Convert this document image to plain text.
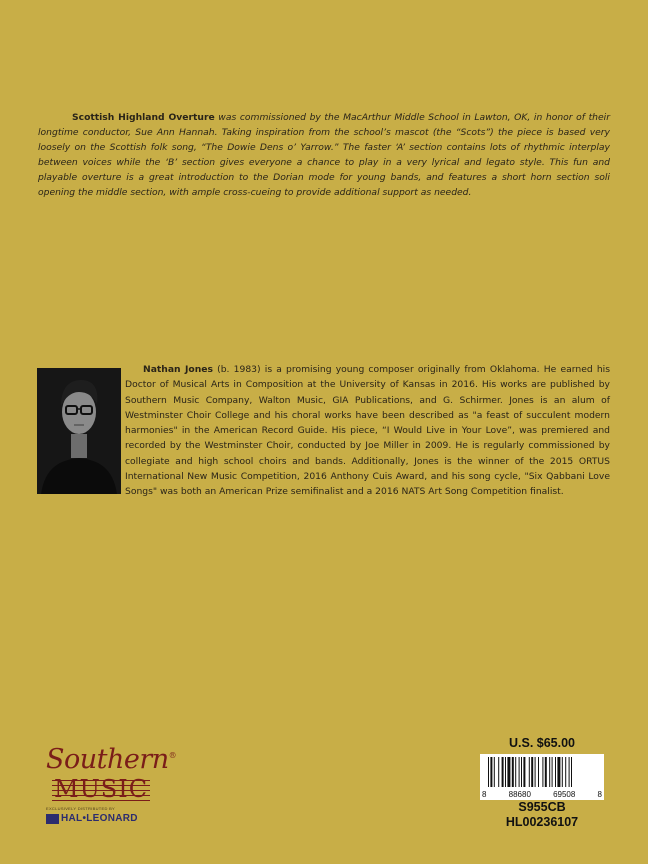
Scottish Highland Overture was commissioned by the MacArthur Middle School in Lawton, OK, in honor of their longtime conductor, Sue Ann Hannah. Taking inspiration from the school’s mascot (the “Scots”) the piece is based very loosely on the Scottish folk song, “The Dowie Dens o’ Yarrow.” The faster ‘A’ section contains lots of rhythmic interplay between voices while the ‘B’ section gives everyone a chance to play in a very lyrical and legato style. This fun and playable overture is a great introduction to the Dorian mode for young bands, and features a short horn section soli opening the middle section, with ample cross-cueing to provide additional support as needed.

Nathan Jones (b. 1983) is a promising young composer originally from Oklahoma. He earned his Doctor of Musical Arts in Composition at the University of Kansas in 2016. His works are published by Southern Music Company, Walton Music, GIA Publications, and G. Schirmer. Jones is an alum of Westminster Choir College and his choral works have been described as "a feast of succulent modern harmonies" in the American Record Guide. His piece, “I Would Live in Your Love”, was premiered and recorded by the Westminster Choir, conducted by Joe Miller in 2009. He is regularly commissioned by collegiate and high school choirs and bands. Additionally, Jones is the winner of the 2015 ORTUS International New Music Competition, 2016 Anthony Cuis Award, and his song cycle, "Six Qabbani Love Songs" was both an American Prize semifinalist and a 2016 NATS Art Song Competition finalist.

Southern®
MUSIC
EXCLUSIVELY DISTRIBUTED BY
HAL•LEONARD
U.S. $65.00
8	88680	69508	8
S955CB
HL00236107
